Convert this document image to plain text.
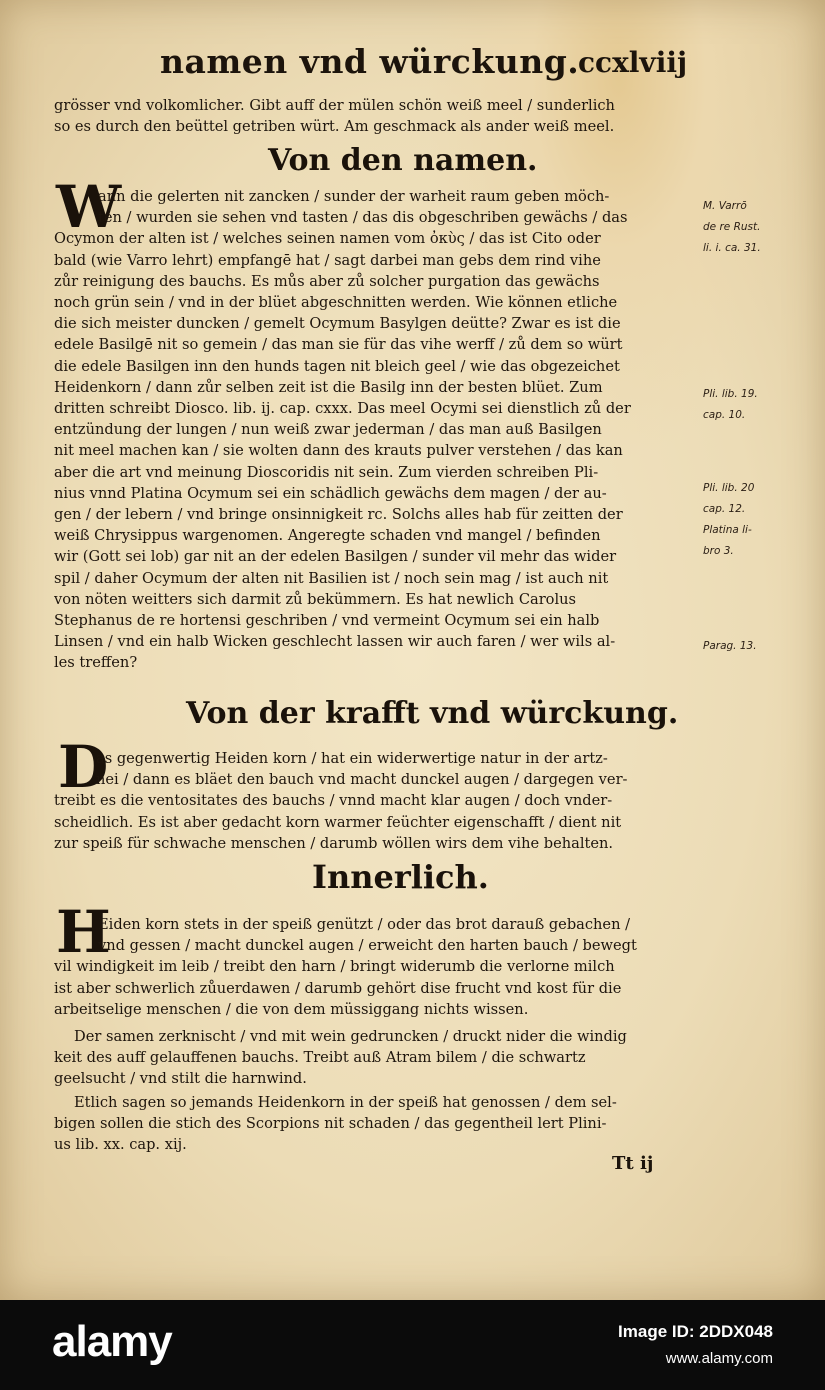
namen vnd würckung.
ccxlviij
grösser vnd volkomlicher. Gibt auff der mülen schön weiß meel / sunderlich
so es durch den beüttel getriben würt. Am geschmack als ander weiß meel.
Von den namen.
W
ann die gelerten nit zancken / sunder der warheit raum geben möch-
ten / wurden sie sehen vnd tasten / das dis obgeschriben gewächs / das
Ocymon der alten ist / welches seinen namen vom ὀκὺς / das ist Cito oder
bald (wie Varro lehrt) empfangē hat / sagt darbei man gebs dem rind vihe
zůr reinigung des bauchs. Es můs aber zů solcher purgation das gewächs
noch grün sein / vnd in der blüet abgeschnitten werden. Wie können etliche
die sich meister duncken / gemelt Ocymum Basylgen deütte? Zwar es ist die
edele Basilgē nit so gemein / das man sie für das vihe werff / zů dem so würt
die edele Basilgen inn den hunds tagen nit bleich geel / wie das obgezeichet
Heidenkorn / dann zůr selben zeit ist die Basilg inn der besten blüet. Zum
dritten schreibt Diosco. lib. ij. cap. cxxx. Das meel Ocymi sei dienstlich zů der
entzündung der lungen / nun weiß zwar jederman / das man auß Basilgen
nit meel machen kan / sie wolten dann des krauts pulver verstehen / das kan
aber die art vnd meinung Dioscoridis nit sein. Zum vierden schreiben Pli-
nius vnnd Platina Ocymum sei ein schädlich gewächs dem magen / der au-
gen / der lebern / vnd bringe onsinnigkeit rc. Solchs alles hab für zeitten der
weiß Chrysippus wargenomen. Angeregte schaden vnd mangel / befinden
wir (Gott sei lob) gar nit an der edelen Basilgen / sunder vil mehr das wider
spil / daher Ocymum der alten nit Basilien ist / noch sein mag / ist auch nit
von nöten weitters sich darmit zů bekümmern. Es hat newlich Carolus
Stephanus de re hortensi geschriben / vnd vermeint Ocymum sei ein halb
Linsen / vnd ein halb Wicken geschlecht lassen wir auch faren / wer wils al-
les treffen?
M. Varrō
de re Rust.
li. i. ca. 31.
Pli. lib. 19.
cap. 10.
Pli. lib. 20
cap. 12.
Platina li-
bro 3.
Parag. 13.
Von der krafft vnd würckung.
D
as gegenwertig Heiden korn / hat ein widerwertige natur in der artz-
nei / dann es bläet den bauch vnd macht dunckel augen / dargegen ver-
treibt es die ventositates des bauchs / vnnd macht klar augen / doch vnder-
scheidlich. Es ist aber gedacht korn warmer feüchter eigenschafft / dient nit
zur speiß für schwache menschen / darumb wöllen wirs dem vihe behalten.
Innerlich.
H
Eiden korn stets in der speiß genützt / oder das brot darauß gebachen /
vnd gessen / macht dunckel augen / erweicht den harten bauch / bewegt
vil windigkeit im leib / treibt den harn / bringt widerumb die verlorne milch
ist aber schwerlich zůuerdawen / darumb gehört dise frucht vnd kost für die
arbeitselige menschen / die von dem müssiggang nichts wissen.
Der samen zerknischt / vnd mit wein gedruncken / druckt nider die windig
keit des auff gelauffenen bauchs. Treibt auß Atram bilem / die schwartz
geelsucht / vnd stilt die harnwind.
Etlich sagen so jemands Heidenkorn in der speiß hat genossen / dem sel-
bigen sollen die stich des Scorpions nit schaden / das gegentheil lert Plini-
us lib. xx. cap. xij.
Tt ij
alamy	Image ID: 2DDX048
www.alamy.com
